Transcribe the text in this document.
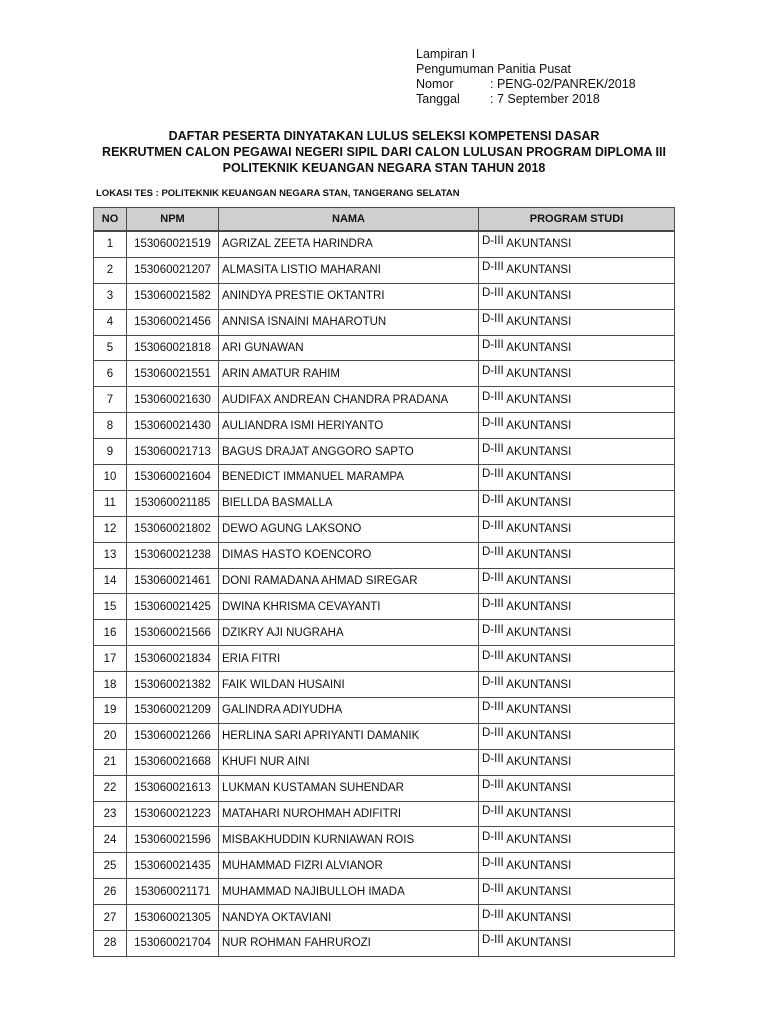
Lampiran I
Pengumuman Panitia Pusat
Nomor	: PENG-02/PANREK/2018
Tanggal	: 7 September 2018
DAFTAR PESERTA DINYATAKAN LULUS SELEKSI KOMPETENSI DASAR
REKRUTMEN CALON PEGAWAI NEGERI SIPIL DARI CALON LULUSAN PROGRAM DIPLOMA III
POLITEKNIK KEUANGAN NEGARA STAN TAHUN 2018
LOKASI TES : POLITEKNIK KEUANGAN NEGARA STAN, TANGERANG SELATAN
NO	NPM	NAMA	PROGRAM STUDI
1	153060021519	AGRIZAL ZEETA HARINDRA	D-III AKUNTANSI
2	153060021207	ALMASITA LISTIO MAHARANI	D-III AKUNTANSI
3	153060021582	ANINDYA PRESTIE OKTANTRI	D-III AKUNTANSI
4	153060021456	ANNISA ISNAINI MAHAROTUN	D-III AKUNTANSI
5	153060021818	ARI GUNAWAN	D-III AKUNTANSI
6	153060021551	ARIN AMATUR RAHIM	D-III AKUNTANSI
7	153060021630	AUDIFAX ANDREAN CHANDRA PRADANA	D-III AKUNTANSI
8	153060021430	AULIANDRA ISMI HERIYANTO	D-III AKUNTANSI
9	153060021713	BAGUS DRAJAT ANGGORO SAPTO	D-III AKUNTANSI
10	153060021604	BENEDICT IMMANUEL MARAMPA	D-III AKUNTANSI
11	153060021185	BIELLDA BASMALLA	D-III AKUNTANSI
12	153060021802	DEWO AGUNG LAKSONO	D-III AKUNTANSI
13	153060021238	DIMAS HASTO KOENCORO	D-III AKUNTANSI
14	153060021461	DONI RAMADANA AHMAD SIREGAR	D-III AKUNTANSI
15	153060021425	DWINA KHRISMA CEVAYANTI	D-III AKUNTANSI
16	153060021566	DZIKRY AJI NUGRAHA	D-III AKUNTANSI
17	153060021834	ERIA FITRI	D-III AKUNTANSI
18	153060021382	FAIK WILDAN HUSAINI	D-III AKUNTANSI
19	153060021209	GALINDRA ADIYUDHA	D-III AKUNTANSI
20	153060021266	HERLINA SARI APRIYANTI DAMANIK	D-III AKUNTANSI
21	153060021668	KHUFI NUR AINI	D-III AKUNTANSI
22	153060021613	LUKMAN KUSTAMAN SUHENDAR	D-III AKUNTANSI
23	153060021223	MATAHARI NUROHMAH ADIFITRI	D-III AKUNTANSI
24	153060021596	MISBAKHUDDIN KURNIAWAN ROIS	D-III AKUNTANSI
25	153060021435	MUHAMMAD FIZRI ALVIANOR	D-III AKUNTANSI
26	153060021171	MUHAMMAD NAJIBULLOH IMADA	D-III AKUNTANSI
27	153060021305	NANDYA OKTAVIANI	D-III AKUNTANSI
28	153060021704	NUR ROHMAN FAHRUROZI	D-III AKUNTANSI
